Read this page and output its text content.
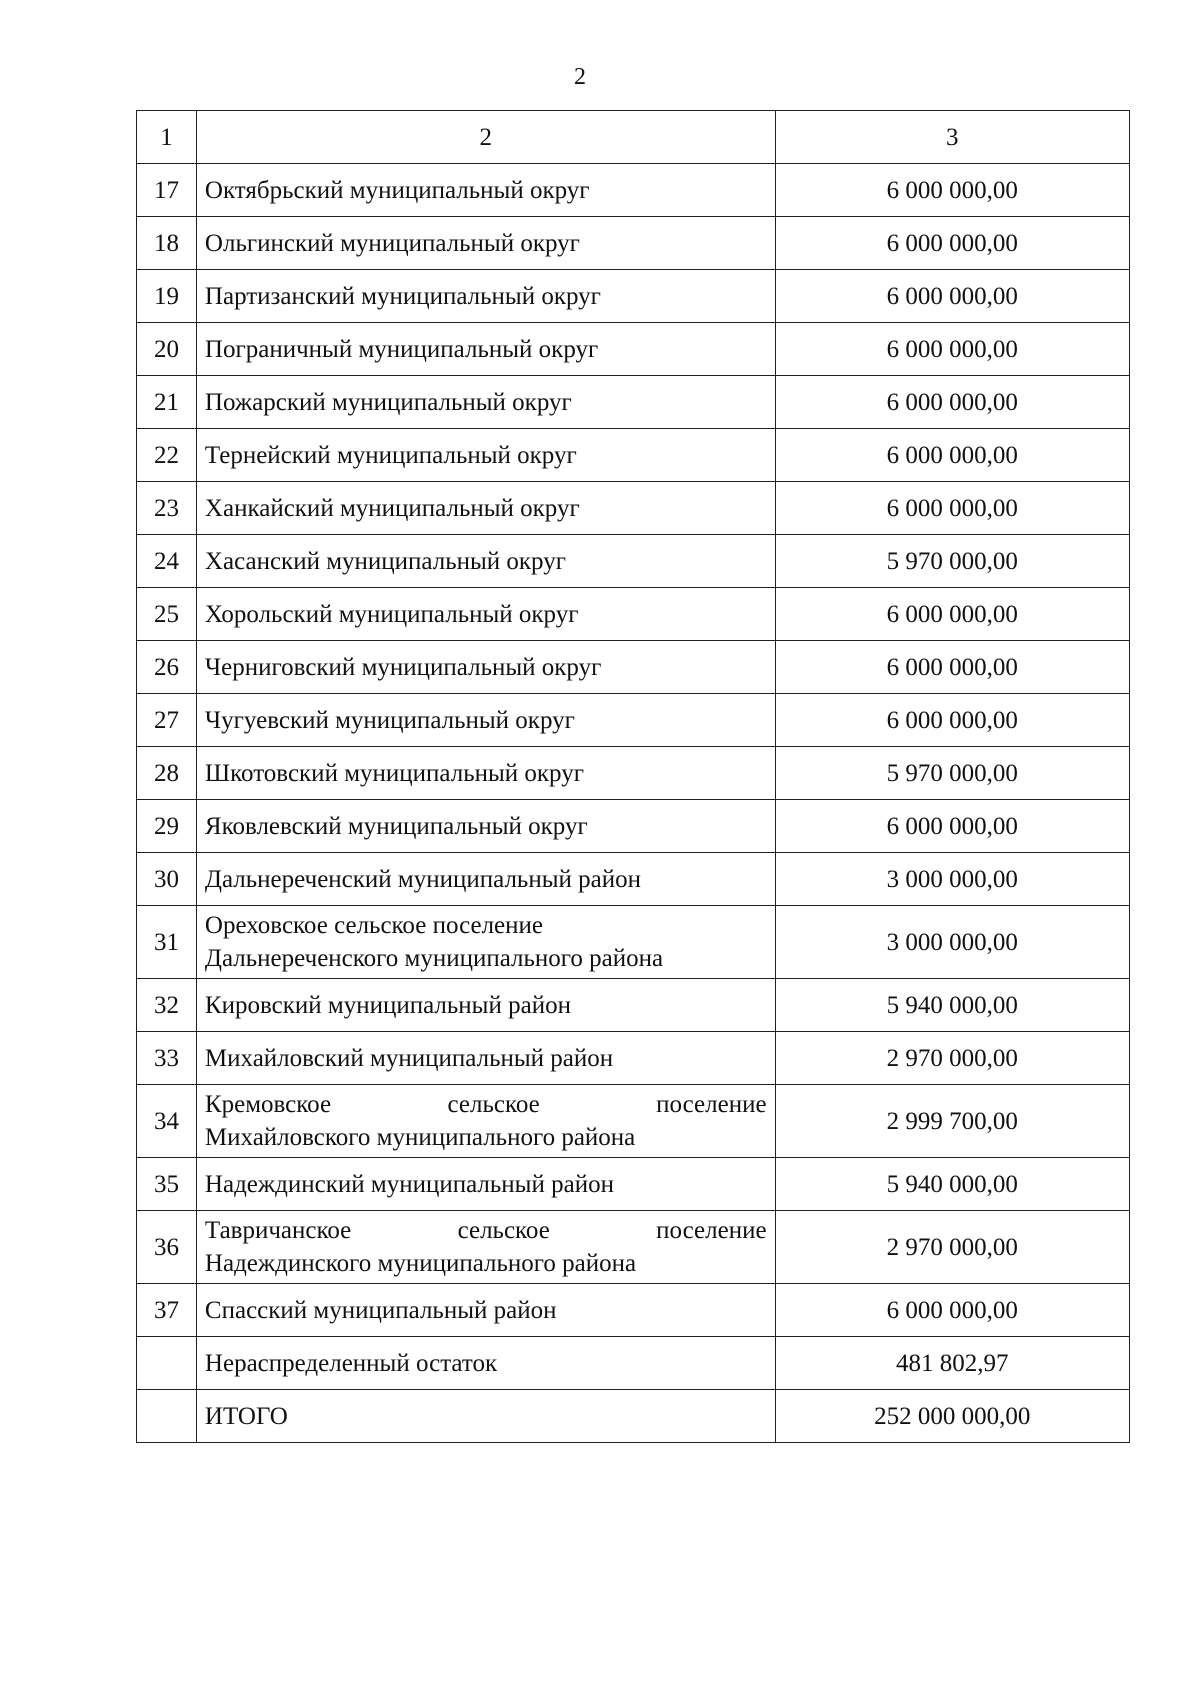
2
1	2	3
17	Октябрьский муниципальный округ	6 000 000,00
18	Ольгинский муниципальный округ	6 000 000,00
19	Партизанский муниципальный округ	6 000 000,00
20	Пограничный муниципальный округ	6 000 000,00
21	Пожарский муниципальный округ	6 000 000,00
22	Тернейский муниципальный округ	6 000 000,00
23	Ханкайский муниципальный округ	6 000 000,00
24	Хасанский муниципальный округ	5 970 000,00
25	Хорольский муниципальный округ	6 000 000,00
26	Черниговский муниципальный округ	6 000 000,00
27	Чугуевский муниципальный округ	6 000 000,00
28	Шкотовский муниципальный округ	5 970 000,00
29	Яковлевский муниципальный округ	6 000 000,00
30	Дальнереченский муниципальный район	3 000 000,00
31	Ореховское сельское поселение
Дальнереченского муниципального района	3 000 000,00
32	Кировский муниципальный район	5 940 000,00
33	Михайловский муниципальный район	2 970 000,00
34	Кремовское сельское поселение
Михайловского муниципального района	2 999 700,00
35	Надеждинский муниципальный район	5 940 000,00
36	Тавричанское сельское поселение
Надеждинского муниципального района	2 970 000,00
37	Спасский муниципальный район	6 000 000,00

	Нераспределенный остаток	481 802,97

	ИТОГО	252 000 000,00
